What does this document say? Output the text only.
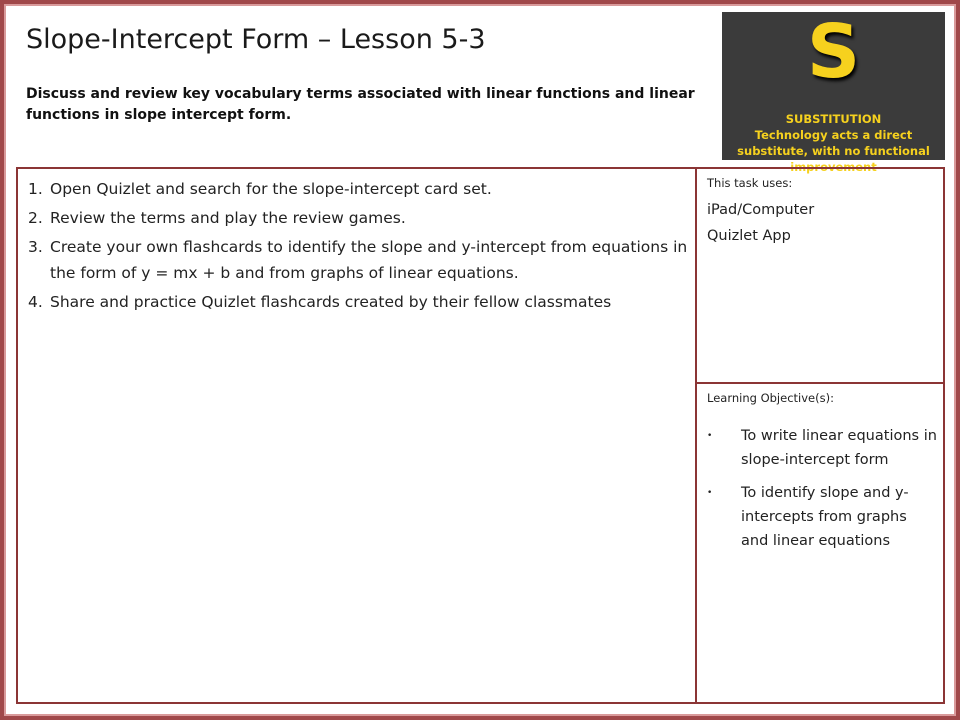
Slope-Intercept Form – Lesson 5-3
Discuss and review key vocabulary terms associated with linear functions and linear functions in slope intercept form.
S
SUBSTITUTION
Technology acts a direct substitute, with no functional improvement
1. Open Quizlet and search for the slope-intercept card set.
2. Review the terms and play the review games.
3. Create your own flashcards to identify the slope and y-intercept from equations in the form of y = mx + b and from graphs of linear equations.
4. Share and practice Quizlet flashcards created by their fellow classmates
This task uses:
iPad/Computer
Quizlet App
Learning Objective(s):
• To write linear equations in slope-intercept form
• To identify slope and y-intercepts from graphs and linear equations
